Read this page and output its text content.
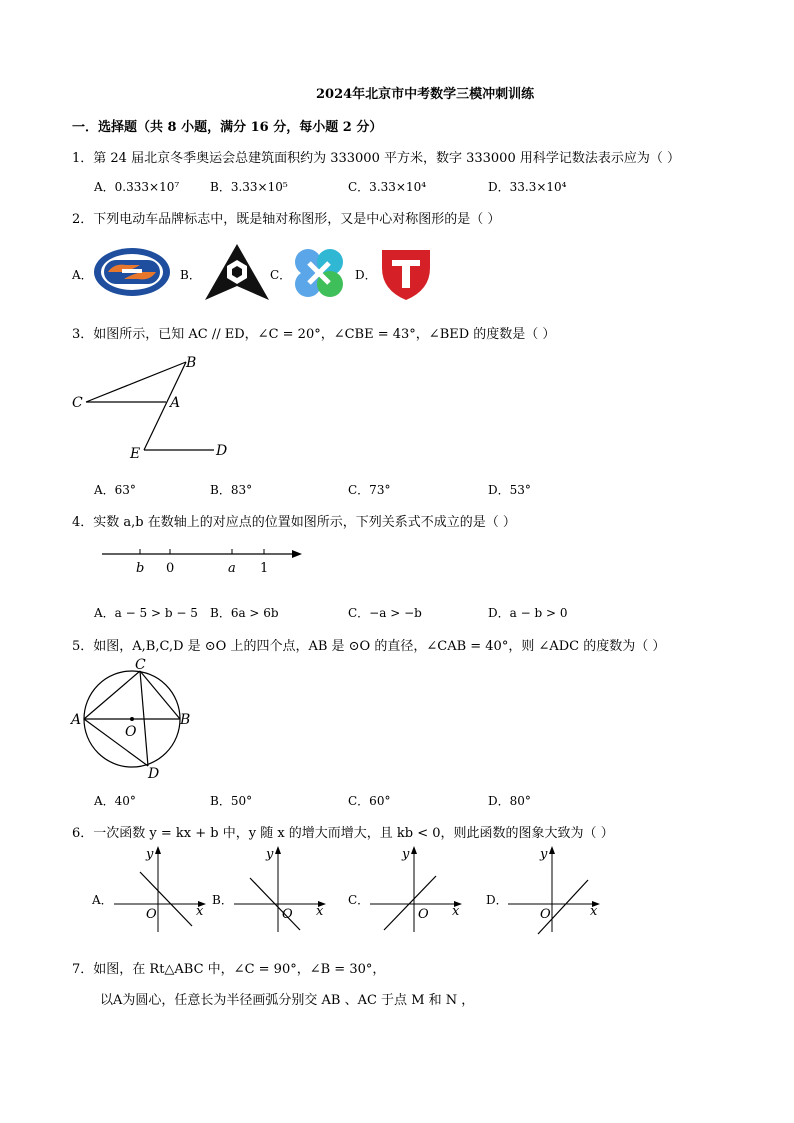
2024年北京市中考数学三模冲刺训练
一．选择题（共 8 小题，满分 16 分，每小题 2 分）
1．第 24 届北京冬季奥运会总建筑面积约为 333000 平方米，数字 333000 用科学记数法表示应为（ ）
A．0.333×10⁷	B．3.33×10⁵	C．3.33×10⁴	D．33.3×10⁴
2．下列电动车品牌标志中，既是轴对称图形，又是中心对称图形的是（ ）
A．	B．	C．	D．
3．如图所示，已知 AC // ED，∠C = 20°，∠CBE = 43°，∠BED 的度数是（ ）
B
C	A
E	D
A．63°	B．83°	C．73°	D．53°
4．实数 a,b 在数轴上的对应点的位置如图所示，下列关系式不成立的是（ ）
b 0	a 1
A．a − 5 > b − 5 B．6a > 6b	C．−a > −b	D．a − b > 0
5．如图，A,B,C,D 是 ⊙O 上的四个点，AB 是 ⊙O 的直径，∠CAB = 40°，则 ∠ADC 的度数为（ ）
C
A	B
O
D
A．40°	B．50°	C．60°	D．80°
6．一次函数 y = kx + b 中，y 随 x 的增大而增大，且 kb < 0，则此函数的图象大致为（ ）
A．
y
x
O
B．
y
x
O
C．
y
x
O
D．
y
x
O
7．如图，在 Rt△ABC 中，∠C = 90°，∠B = 30°，
以A为圆心，任意长为半径画弧分别交 AB 、AC 于点 M 和 N ，
